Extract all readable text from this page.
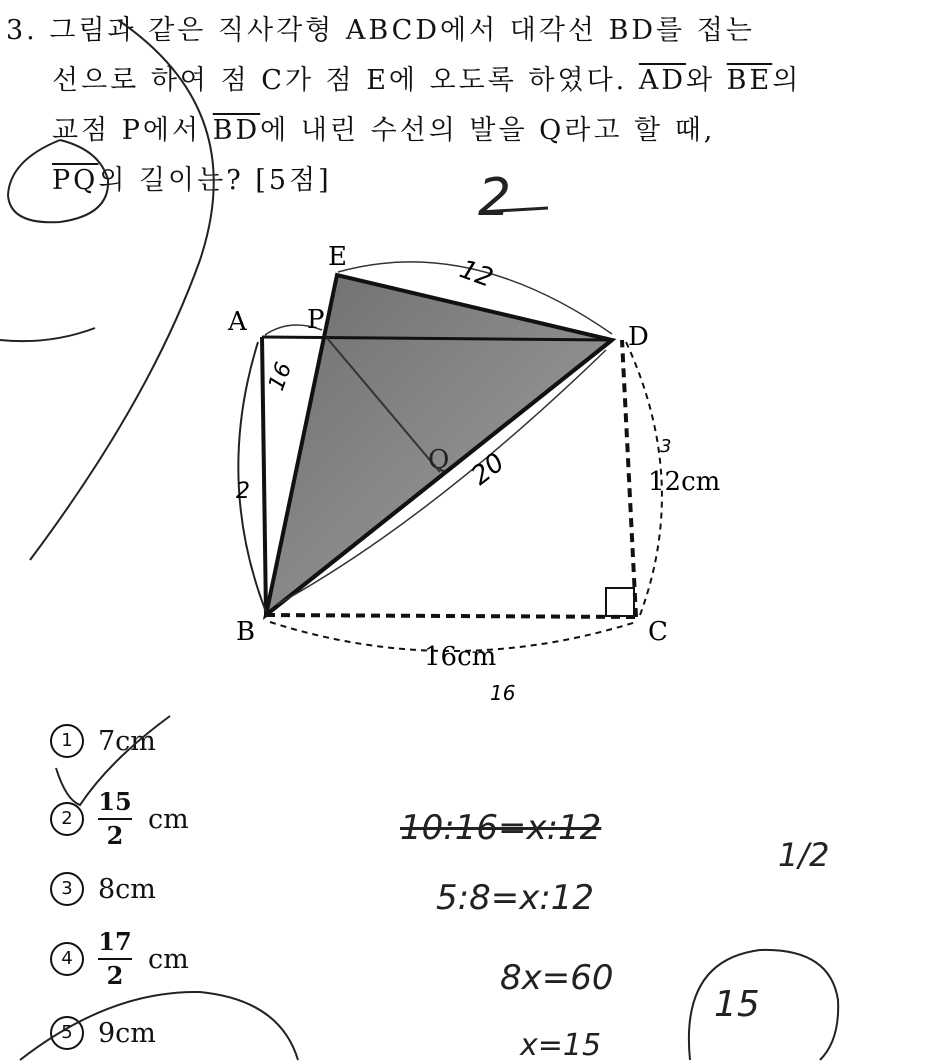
3. 그림과 같은 직사각형 ABCD에서 대각선 BD를 접는
선으로 하여 점 C가 점 E에 오도록 하였다. $\overline{AD}$와 $\overline{BE}$의
교점 P에서 $\overline{BD}$에 내린 수선의 발을 Q라고 할 때,
$\overline{PQ}$의 길이는? [5점]
A
B	C
D
E
P
Q
12cm
16cm
12
16
2	20
3
16
1 7cm
2	$\frac{15}{2}$ cm
3 8cm
4	$\frac{17}{2}$ cm
5 9cm
10:16=x:12
5:8=x:12
8x=60
x=15
2
1/2
15
